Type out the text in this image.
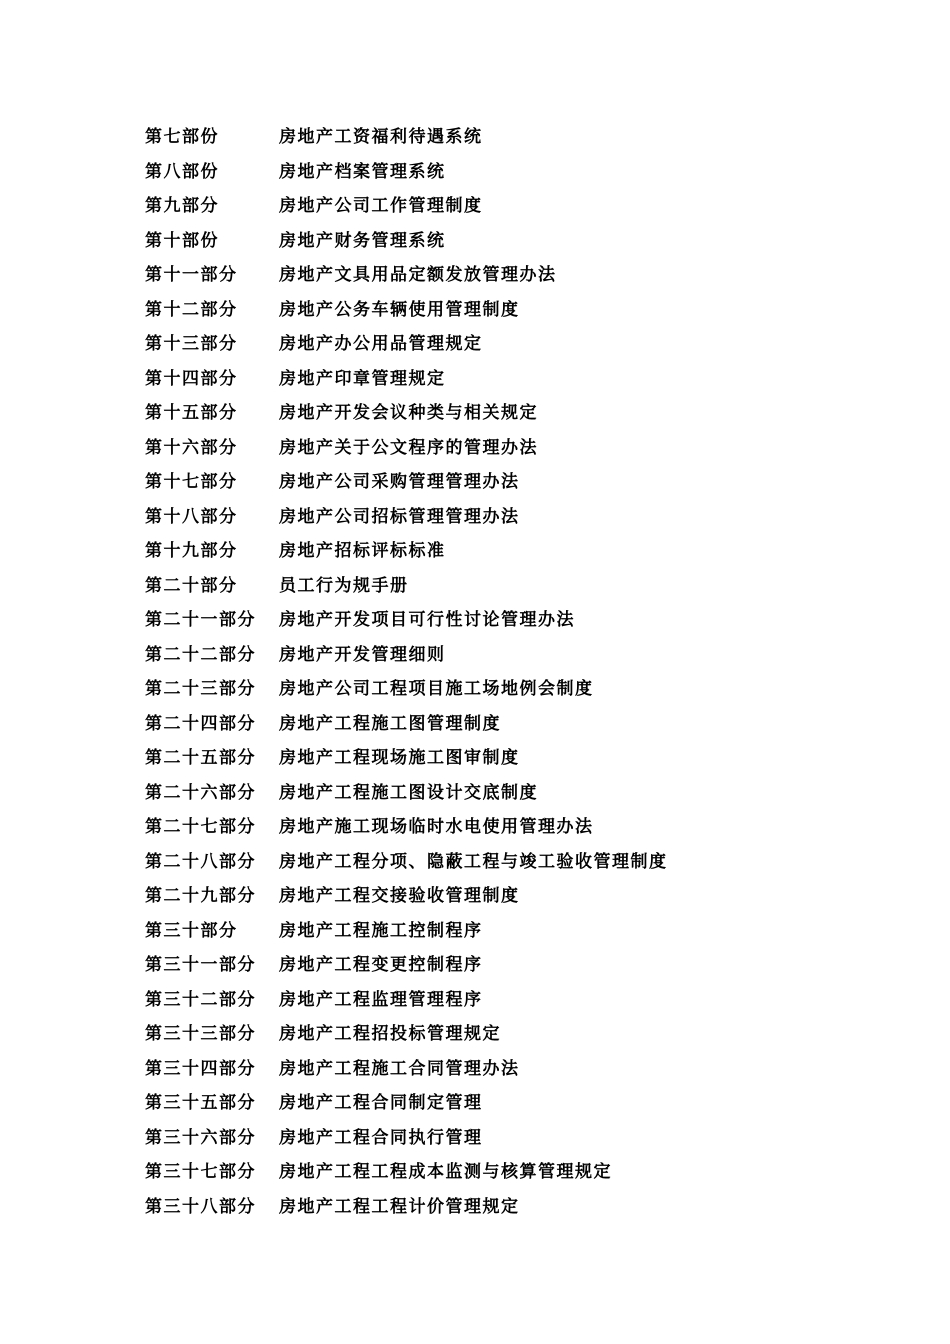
第七部份	房地产工资福利待遇系统
第八部份	房地产档案管理系统
第九部分	房地产公司工作管理制度
第十部份	房地产财务管理系统
第十一部分	房地产文具用品定额发放管理办法
第十二部分	房地产公务车辆使用管理制度
第十三部分	房地产办公用品管理规定
第十四部分	房地产印章管理规定
第十五部分	房地产开发会议种类与相关规定
第十六部分	房地产关于公文程序的管理办法
第十七部分	房地产公司采购管理管理办法
第十八部分	房地产公司招标管理管理办法
第十九部分	房地产招标评标标准
第二十部分	员工行为规手册
第二十一部分	房地产开发项目可行性讨论管理办法
第二十二部分	房地产开发管理细则
第二十三部分	房地产公司工程项目施工场地例会制度
第二十四部分	房地产工程施工图管理制度
第二十五部分	房地产工程现场施工图审制度
第二十六部分	房地产工程施工图设计交底制度
第二十七部分	房地产施工现场临时水电使用管理办法
第二十八部分	房地产工程分项、隐蔽工程与竣工验收管理制度
第二十九部分	房地产工程交接验收管理制度
第三十部分	房地产工程施工控制程序
第三十一部分	房地产工程变更控制程序
第三十二部分	房地产工程监理管理程序
第三十三部分	房地产工程招投标管理规定
第三十四部分	房地产工程施工合同管理办法
第三十五部分	房地产工程合同制定管理
第三十六部分	房地产工程合同执行管理
第三十七部分	房地产工程工程成本监测与核算管理规定
第三十八部分	房地产工程工程计价管理规定
